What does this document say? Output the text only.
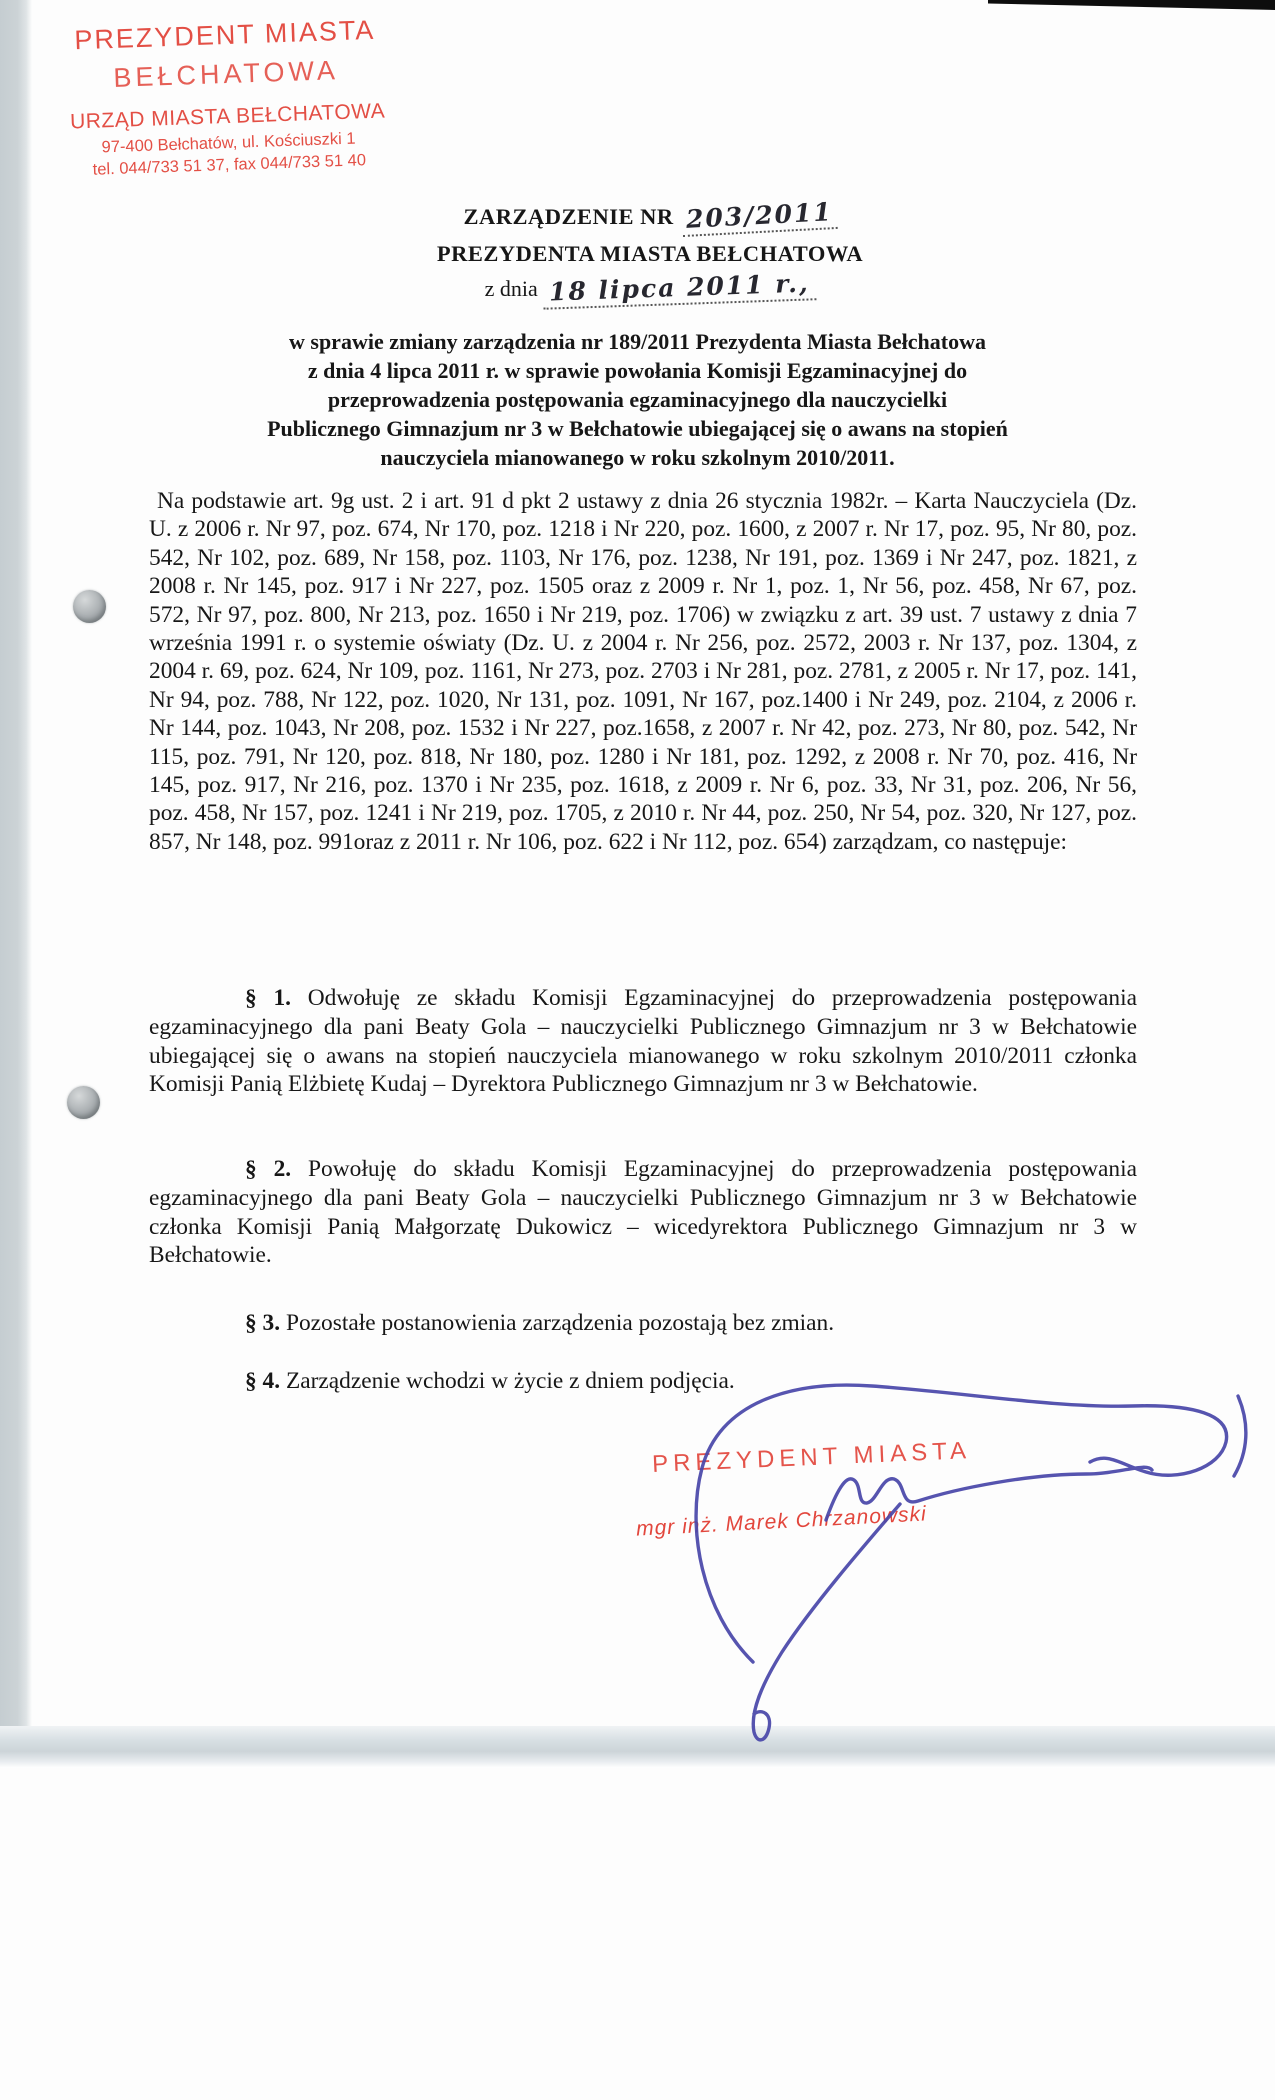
PREZYDENT MIASTA
BEŁCHATOWA
URZĄD MIASTA BEŁCHATOWA
97-400 Bełchatów, ul. Kościuszki 1
tel. 044/733 51 37, fax 044/733 51 40
ZARZĄDZENIE NR 203/2011
PREZYDENTA MIASTA BEŁCHATOWA
z dnia 18 lipca 2011 r.,
w sprawie zmiany zarządzenia nr 189/2011 Prezydenta Miasta Bełchatowa
z dnia 4 lipca 2011 r. w sprawie powołania Komisji Egzaminacyjnej do
przeprowadzenia postępowania egzaminacyjnego dla nauczycielki
Publicznego Gimnazjum nr 3 w Bełchatowie ubiegającej się o awans na stopień
nauczyciela mianowanego w roku szkolnym 2010/2011.
Na podstawie art. 9g ust. 2 i art. 91 d pkt 2 ustawy z dnia 26 stycznia 1982r. – Karta Nauczyciela (Dz. U. z 2006 r. Nr 97, poz. 674, Nr 170, poz. 1218 i Nr 220, poz. 1600, z 2007 r. Nr 17, poz. 95, Nr 80, poz. 542, Nr 102, poz. 689, Nr 158, poz. 1103, Nr 176, poz. 1238, Nr 191, poz. 1369 i Nr 247, poz. 1821, z 2008 r. Nr 145, poz. 917 i Nr 227, poz. 1505 oraz z 2009 r. Nr 1, poz. 1, Nr 56, poz. 458, Nr 67, poz. 572, Nr 97, poz. 800, Nr 213, poz. 1650 i Nr 219, poz. 1706) w związku z art. 39 ust. 7 ustawy z dnia 7 września 1991 r. o systemie oświaty (Dz. U. z 2004 r. Nr 256, poz. 2572, 2003 r. Nr 137, poz. 1304, z 2004 r. 69, poz. 624, Nr 109, poz. 1161, Nr 273, poz. 2703 i Nr 281, poz. 2781, z 2005 r. Nr 17, poz. 141, Nr 94, poz. 788, Nr 122, poz. 1020, Nr 131, poz. 1091, Nr 167, poz.1400 i Nr 249, poz. 2104, z 2006 r. Nr 144, poz. 1043, Nr 208, poz. 1532 i Nr 227, poz.1658, z 2007 r. Nr 42, poz. 273, Nr 80, poz. 542, Nr 115, poz. 791, Nr 120, poz. 818, Nr 180, poz. 1280 i Nr 181, poz. 1292, z 2008 r. Nr 70, poz. 416, Nr 145, poz. 917, Nr 216, poz. 1370 i Nr 235, poz. 1618, z 2009 r. Nr 6, poz. 33, Nr 31, poz. 206, Nr 56, poz. 458, Nr 157, poz. 1241 i Nr 219, poz. 1705, z 2010 r. Nr 44, poz. 250, Nr 54, poz. 320, Nr 127, poz. 857, Nr 148, poz. 991oraz z 2011 r. Nr 106, poz. 622 i Nr 112, poz. 654) zarządzam, co następuje:

§ 1. Odwołuję ze składu Komisji Egzaminacyjnej do przeprowadzenia postępowania egzaminacyjnego dla pani Beaty Gola – nauczycielki Publicznego Gimnazjum nr 3 w Bełchatowie ubiegającej się o awans na stopień nauczyciela mianowanego w roku szkolnym 2010/2011 członka Komisji Panią Elżbietę Kudaj – Dyrektora Publicznego Gimnazjum nr 3 w Bełchatowie.

§ 2. Powołuję do składu Komisji Egzaminacyjnej do przeprowadzenia postępowania egzaminacyjnego dla pani Beaty Gola – nauczycielki Publicznego Gimnazjum nr 3 w Bełchatowie członka Komisji Panią Małgorzatę Dukowicz – wicedyrektora Publicznego Gimnazjum nr 3 w Bełchatowie.

§ 3. Pozostałe postanowienia zarządzenia pozostają bez zmian.

§ 4. Zarządzenie wchodzi w życie z dniem podjęcia.

PREZYDENT MIASTA
mgr inż. Marek Chrzanowski
